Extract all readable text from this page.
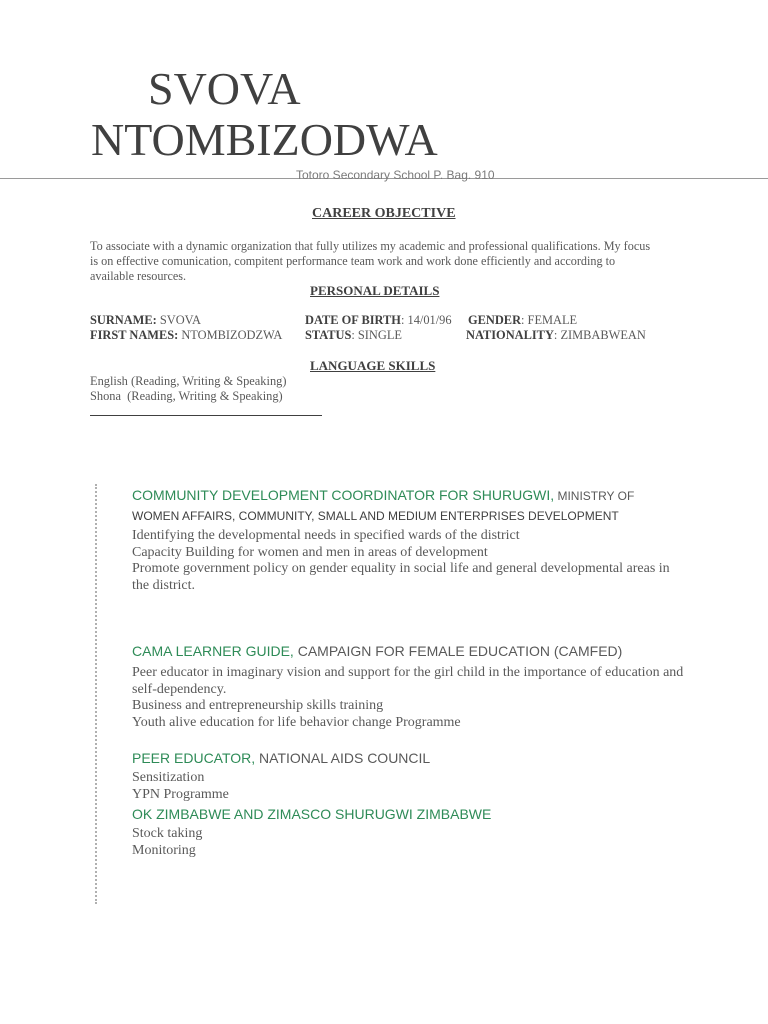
SVOVA
NTOMBIZODWA
Totoro Secondary School P. Bag. 910
CAREER OBJECTIVE
To associate with a dynamic organization that fully utilizes my academic and professional qualifications. My focus
is on effective comunication, compitent performance team work and work done efficiently and according to
available resources.
PERSONAL DETAILS
SURNAME: SVOVA
FIRST NAMES: NTOMBIZODZWA
DATE OF BIRTH: 14/01/96
STATUS: SINGLE
GENDER: FEMALE
NATIONALITY: ZIMBABWEAN
LANGUAGE SKILLS
English (Reading, Writing & Speaking)
Shona  (Reading, Writing & Speaking)
COMMUNITY DEVELOPMENT COORDINATOR FOR SHURUGWI, MINISTRY OF
WOMEN AFFAIRS, COMMUNITY, SMALL AND MEDIUM ENTERPRISES DEVELOPMENT
Identifying the developmental needs in specified wards of the district
Capacity Building for women and men in areas of development
Promote government policy on gender equality in social life and general developmental areas in
the district.
CAMA LEARNER GUIDE, CAMPAIGN FOR FEMALE EDUCATION (CAMFED)
Peer educator in imaginary vision and support for the girl child in the importance of education and
self-dependency.
Business and entrepreneurship skills training
Youth alive education for life behavior change Programme
PEER EDUCATOR, NATIONAL AIDS COUNCIL
Sensitization
YPN Programme
OK ZIMBABWE AND ZIMASCO SHURUGWI ZIMBABWE
Stock taking
Monitoring
